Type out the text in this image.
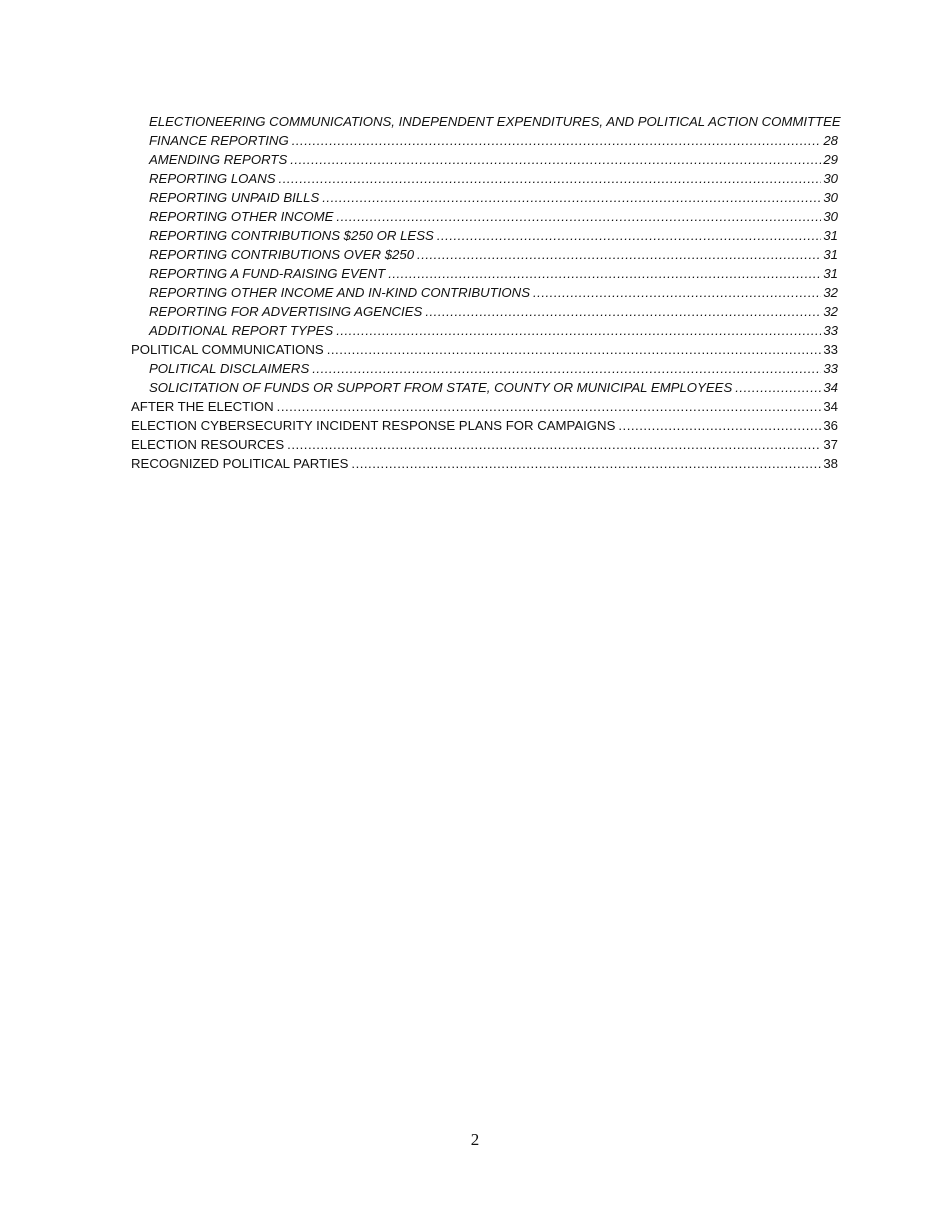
ELECTIONEERING COMMUNICATIONS, INDEPENDENT EXPENDITURES, AND POLITICAL ACTION COMMITTEE
FINANCE REPORTING .....	28
AMENDING REPORTS .....	29
REPORTING LOANS .....	30
REPORTING UNPAID BILLS .....	30
REPORTING OTHER INCOME .....	30
REPORTING CONTRIBUTIONS $250 OR LESS .....	31
REPORTING CONTRIBUTIONS OVER $250 .....	31
REPORTING A FUND-RAISING EVENT .....	31
REPORTING OTHER INCOME AND IN-KIND CONTRIBUTIONS .....	32
REPORTING FOR ADVERTISING AGENCIES .....	32
ADDITIONAL REPORT TYPES .....	33
POLITICAL COMMUNICATIONS .....	33
POLITICAL DISCLAIMERS .....	33
SOLICITATION OF FUNDS OR SUPPORT FROM STATE, COUNTY OR MUNICIPAL EMPLOYEES .....	34
AFTER THE ELECTION .....	34
ELECTION CYBERSECURITY INCIDENT RESPONSE PLANS FOR CAMPAIGNS .....	36
ELECTION RESOURCES .....	37
RECOGNIZED POLITICAL PARTIES .....	38
2
